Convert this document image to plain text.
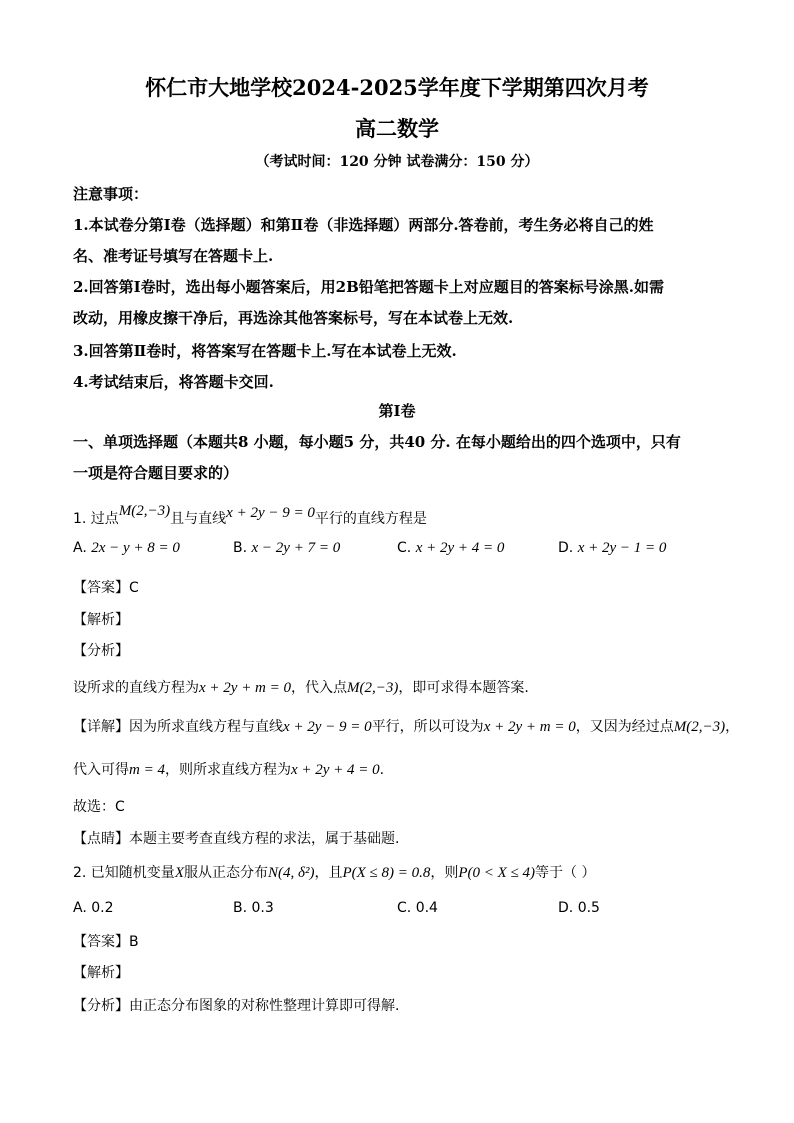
怀仁市大地学校2024-2025学年度下学期第四次月考
高二数学
（考试时间：120 分钟 试卷满分：150 分）
注意事项：
1.本试卷分第Ⅰ卷（选择题）和第Ⅱ卷（非选择题）两部分.答卷前，考生务必将自己的姓
名、准考证号填写在答题卡上.
2.回答第Ⅰ卷时，选出每小题答案后，用2B铅笔把答题卡上对应题目的答案标号涂黑.如需
改动，用橡皮擦干净后，再选涂其他答案标号，写在本试卷上无效.
3.回答第Ⅱ卷时，将答案写在答题卡上.写在本试卷上无效.
4.考试结束后，将答题卡交回.
第Ⅰ卷
一、单项选择题（本题共8 小题，每小题5 分，共40 分. 在每小题给出的四个选项中，只有
一项是符合题目要求的）
1. 过点M(2,−3)且与直线x + 2y − 9 = 0平行的直线方程是
A. 2x − y + 8 = 0	B. x − 2y + 7 = 0	C. x + 2y + 4 = 0	D. x + 2y − 1 = 0
【答案】C
【解析】
【分析】
设所求的直线方程为x + 2y + m = 0，代入点M(2,−3)，即可求得本题答案.
【详解】因为所求直线方程与直线x + 2y − 9 = 0平行，所以可设为x + 2y + m = 0，又因为经过点M(2,−3)，
代入可得m = 4，则所求直线方程为x + 2y + 4 = 0.
故选：C
【点睛】本题主要考查直线方程的求法，属于基础题.
2. 已知随机变量X服从正态分布N(4, δ²)，且P(X ≤ 8) = 0.8，则P(0 < X ≤ 4)等于（ ）
A. 0.2	B. 0.3	C. 0.4	D. 0.5
【答案】B
【解析】
【分析】由正态分布图象的对称性整理计算即可得解.
